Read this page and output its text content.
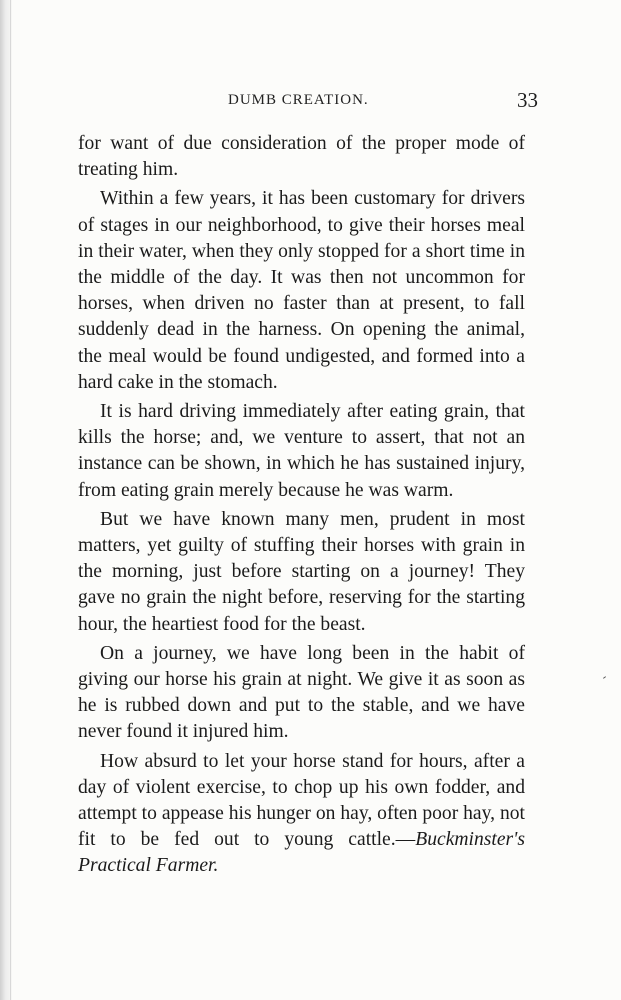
DUMB CREATION.	33

for want of due consideration of the proper mode of treating him.

Within a few years, it has been customary for drivers of stages in our neighborhood, to give their horses meal in their water, when they only stopped for a short time in the middle of the day. It was then not uncommon for horses, when driven no faster than at present, to fall suddenly dead in the harness. On opening the animal, the meal would be found undigested, and formed into a hard cake in the stomach.

It is hard driving immediately after eating grain, that kills the horse; and, we venture to assert, that not an instance can be shown, in which he has sustained injury, from eating grain merely because he was warm.

But we have known many men, prudent in most matters, yet guilty of stuffing their horses with grain in the morning, just before starting on a journey! They gave no grain the night before, reserving for the starting hour, the heartiest food for the beast.

On a journey, we have long been in the habit of giving our horse his grain at night. We give it as soon as he is rubbed down and put to the stable, and we have never found it injured him.

How absurd to let your horse stand for hours, after a day of violent exercise, to chop up his own fodder, and attempt to appease his hunger on hay, often poor hay, not fit to be fed out to young cattle.—Buckminster's Practical Farmer.
